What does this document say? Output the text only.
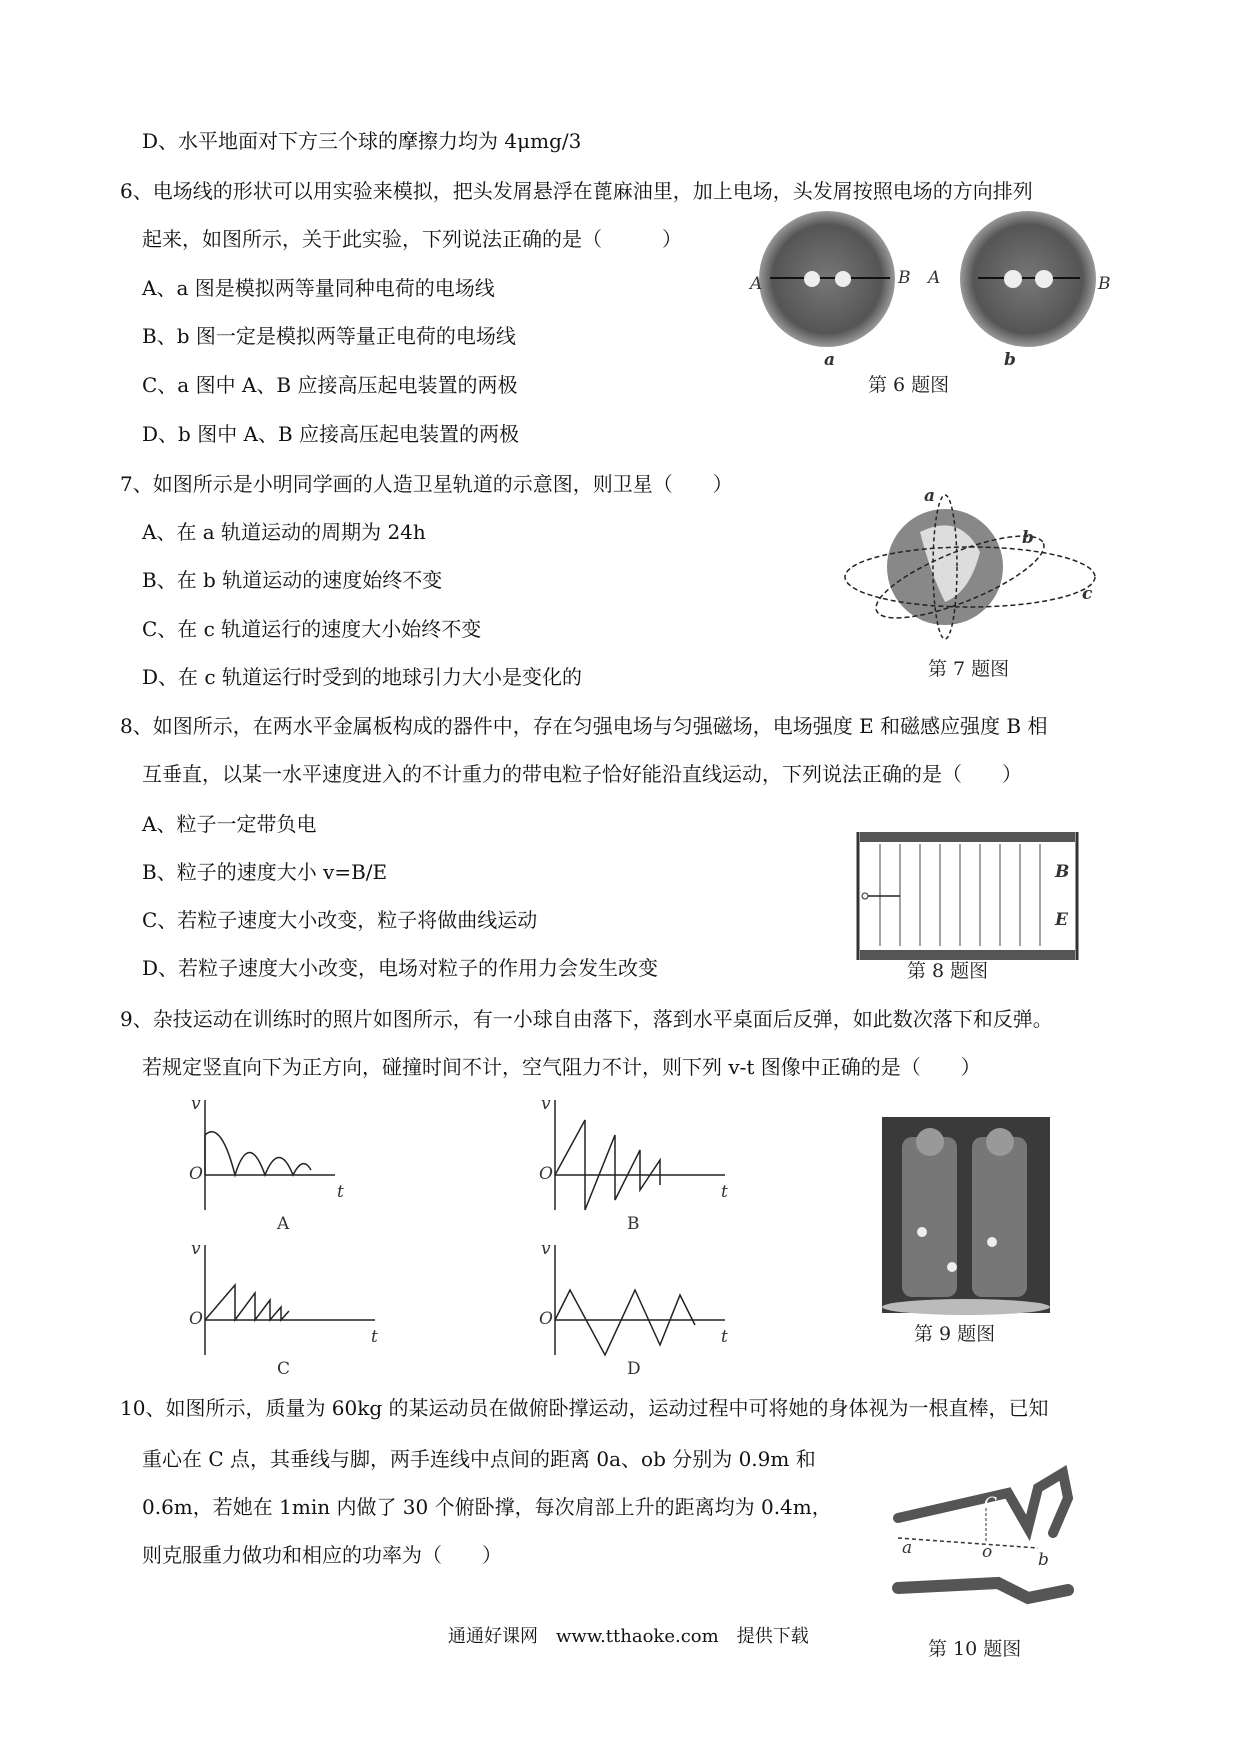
D、水平地面对下方三个球的摩擦力均为 4μmg/3
6、电场线的形状可以用实验来模拟，把头发屑悬浮在蓖麻油里，加上电场，头发屑按照电场的方向排列
起来，如图所示，关于此实验，下列说法正确的是（　　　）
A、a 图是模拟两等量同种电荷的电场线
B、b 图一定是模拟两等量正电荷的电场线
C、a 图中 A、B 应接高压起电装置的两极
D、b 图中 A、B 应接高压起电装置的两极
A	B A	B
a	b
第 6 题图
7、如图所示是小明同学画的人造卫星轨道的示意图，则卫星（　　）
A、在 a 轨道运动的周期为 24h
B、在 b 轨道运动的速度始终不变
C、在 c 轨道运行的速度大小始终不变
D、在 c 轨道运行时受到的地球引力大小是变化的
a
b
c
第 7 题图
8、如图所示，在两水平金属板构成的器件中，存在匀强电场与匀强磁场，电场强度 E 和磁感应强度 B 相
互垂直，以某一水平速度进入的不计重力的带电粒子恰好能沿直线运动，下列说法正确的是（　　）
A、粒子一定带负电
B、粒子的速度大小 v=B/E
C、若粒子速度大小改变，粒子将做曲线运动
D、若粒子速度大小改变，电场对粒子的作用力会发生改变
B
E
第 8 题图
9、杂技运动在训练时的照片如图所示，有一小球自由落下，落到水平桌面后反弹，如此数次落下和反弹。
若规定竖直向下为正方向，碰撞时间不计，空气阻力不计，则下列 v-t 图像中正确的是（　　）
v
O
t
A
v
O
t
B
v
O
t
C
v
O
t
D
第 9 题图
10、如图所示，质量为 60kg 的某运动员在做俯卧撑运动，运动过程中可将她的身体视为一根直棒，已知
重心在 C 点，其垂线与脚，两手连线中点间的距离 0a、ob 分别为 0.9m 和
0.6m，若她在 1min 内做了 30 个俯卧撑，每次肩部上升的距离均为 0.4m，
则克服重力做功和相应的功率为（　　）
C
a	o	b
第 10 题图
通通好课网　www.tthaoke.com　提供下载
